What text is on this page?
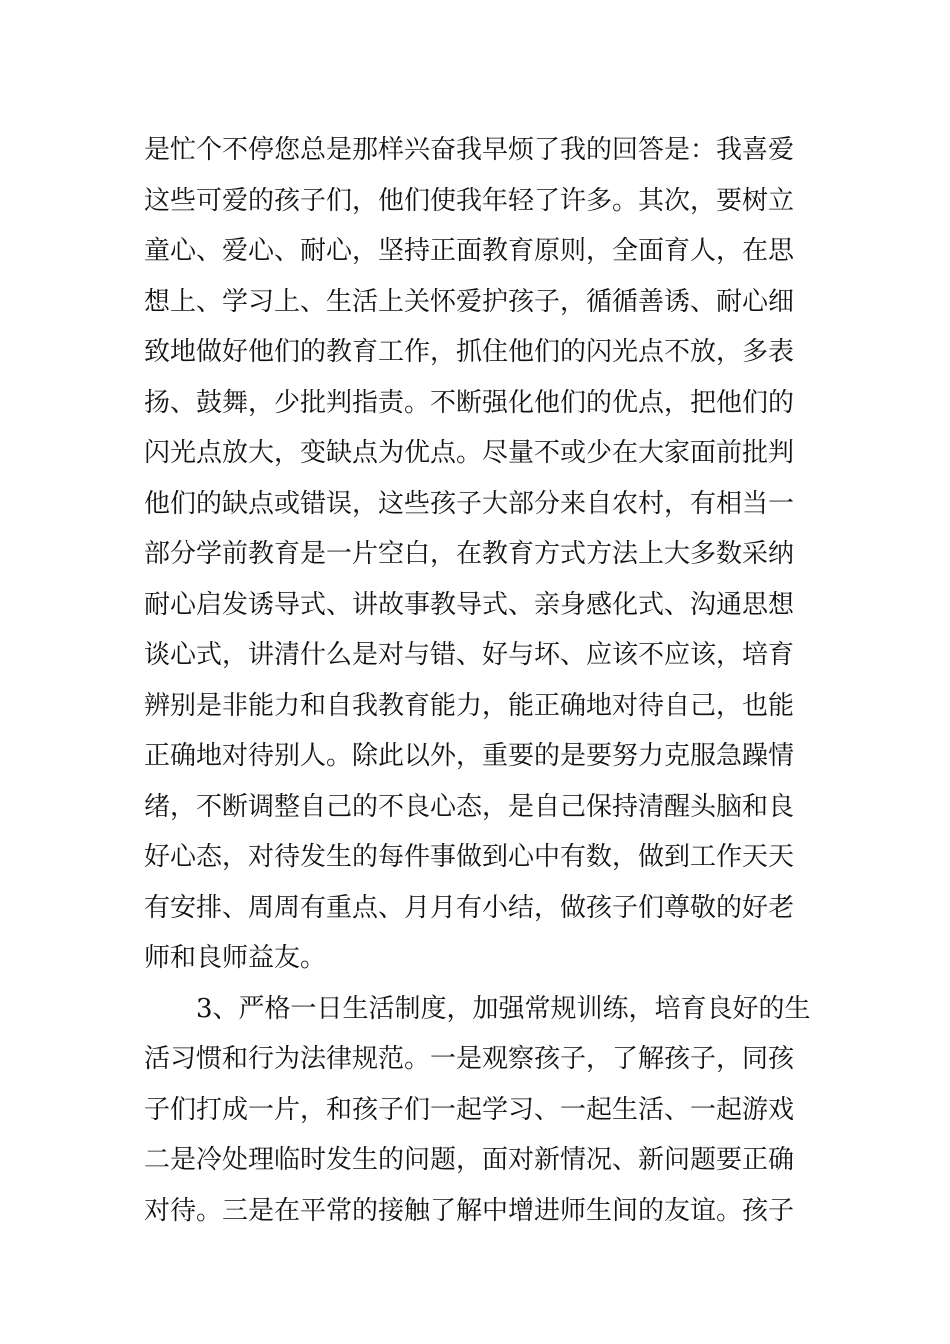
是忙个不停您总是那样兴奋我早烦了我的回答是：我喜爱
这些可爱的孩子们，他们使我年轻了许多。其次，要树立
童心、爱心、耐心，坚持正面教育原则，全面育人，在思
想上、学习上、生活上关怀爱护孩子，循循善诱、耐心细
致地做好他们的教育工作，抓住他们的闪光点不放，多表
扬、鼓舞，少批判指责。不断强化他们的优点，把他们的
闪光点放大，变缺点为优点。尽量不或少在大家面前批判
他们的缺点或错误，这些孩子大部分来自农村，有相当一
部分学前教育是一片空白，在教育方式方法上大多数采纳
耐心启发诱导式、讲故事教导式、亲身感化式、沟通思想
谈心式，讲清什么是对与错、好与坏、应该不应该，培育
辨别是非能力和自我教育能力，能正确地对待自己，也能
正确地对待别人。除此以外，重要的是要努力克服急躁情
绪，不断调整自己的不良心态，是自己保持清醒头脑和良
好心态，对待发生的每件事做到心中有数，做到工作天天
有安排、周周有重点、月月有小结，做孩子们尊敬的好老
师和良师益友。
3、严格一日生活制度，加强常规训练，培育良好的生
活习惯和行为法律规范。一是观察孩子，了解孩子，同孩
子们打成一片，和孩子们一起学习、一起生活、一起游戏
二是冷处理临时发生的问题，面对新情况、新问题要正确
对待。三是在平常的接触了解中增进师生间的友谊。孩子
